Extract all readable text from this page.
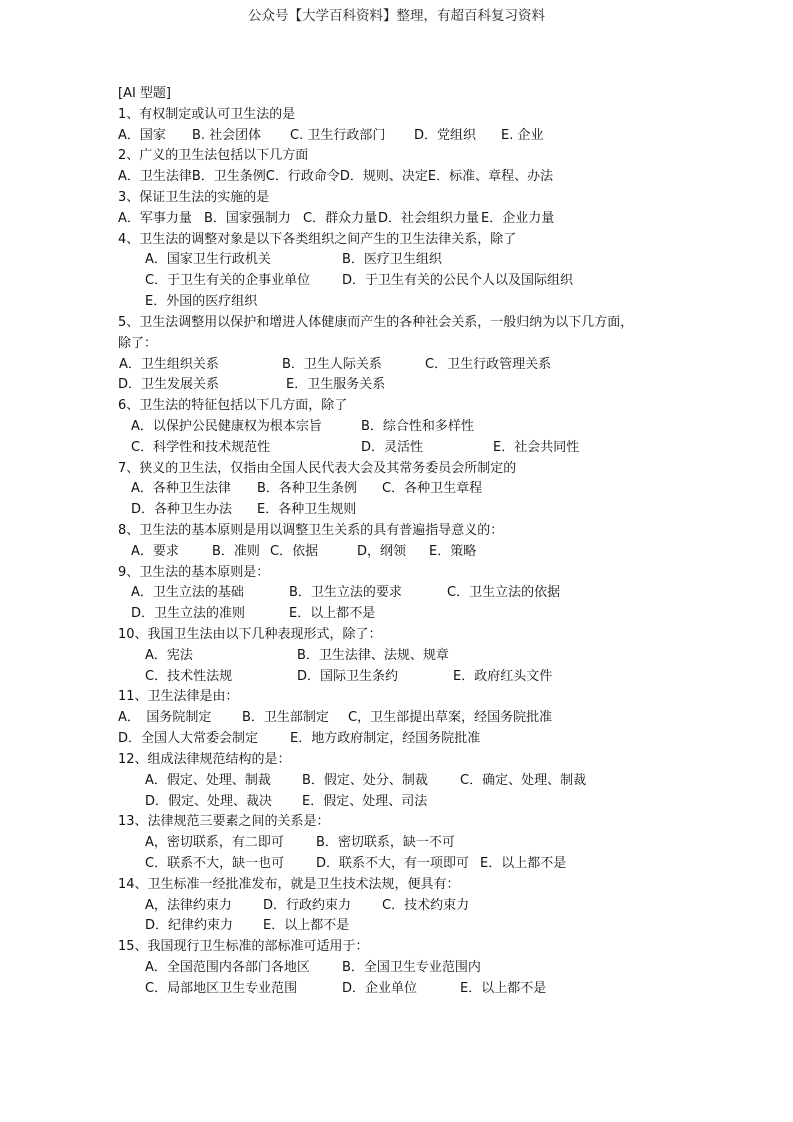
公众号【大学百科资料】整理，有超百科复习资料
[AI 型题]
1、有权制定或认可卫生法的是
A．国家 B. 社会团体 C. 卫生行政部门 D．党组织 E. 企业
2、广义的卫生法包括以下几方面
A．卫生法律B．卫生条例C．行政命令D．规则、决定E．标准、章程、办法
3、保证卫生法的实施的是
A．军事力量 B．国家强制力 C．群众力量 D．社会组织力量 E．企业力量
4、卫生法的调整对象是以下各类组织之间产生的卫生法律关系，除了
A．国家卫生行政机关	B．医疗卫生组织
C．于卫生有关的企事业单位 D．于卫生有关的公民个人以及国际组织
E．外国的医疗组织
5、卫生法调整用以保护和增进人体健康而产生的各种社会关系，一般归纳为以下几方面，
除了：
A．卫生组织关系	B．卫生人际关系	C．卫生行政管理关系
D．卫生发展关系	E．卫生服务关系
6、卫生法的特征包括以下几方面，除了
A．以保护公民健康权为根本宗旨	B．综合性和多样性
C．科学性和技术规范性	D．灵活性	E．社会共同性
7、狭义的卫生法，仅指由全国人民代表大会及其常务委员会所制定的
A．各种卫生法律 B．各种卫生条例 C．各种卫生章程
D．各种卫生办法 E．各种卫生规则
8、卫生法的基本原则是用以调整卫生关系的具有普遍指导意义的：
A．要求	B．准则 C．依据	D，纲领 E．策略
9、卫生法的基本原则是：
A．卫生立法的基础	B．卫生立法的要求	C．卫生立法的依据
D．卫生立法的准则	E．以上都不是
10、我国卫生法由以下几种表现形式，除了：
A．宪法	B．卫生法律、法规、规章
C．技术性法规	D．国际卫生条约	E．政府红头文件
11、卫生法律是由：
A．　国务院制定 B．卫生部制定 C，卫生部提出草案，经国务院批准
D．全国人大常委会制定 E．地方政府制定，经国务院批准
12、组成法律规范结构的是：
A．假定、处理、制裁 B．假定、处分、制裁 C．确定、处理、制裁
D．假定、处理、裁决 E．假定、处理、司法
13、法律规范三要素之间的关系是：
A，密切联系，有二即可 B．密切联系，缺一不可
C．联系不大，缺一也可 D．联系不大，有一项即可 E．以上都不是
14、卫生标准一经批准发布，就是卫生技术法规，便具有：
A，法律约束力 D．行政约束力 C．技术约束力
D．纪律约束力 E．以上都不是
15、我国现行卫生标准的部标准可适用于：
A．全国范围内各部门各地区 B．全国卫生专业范围内
C．局部地区卫生专业范围	D．企业单位	E．以上都不是
